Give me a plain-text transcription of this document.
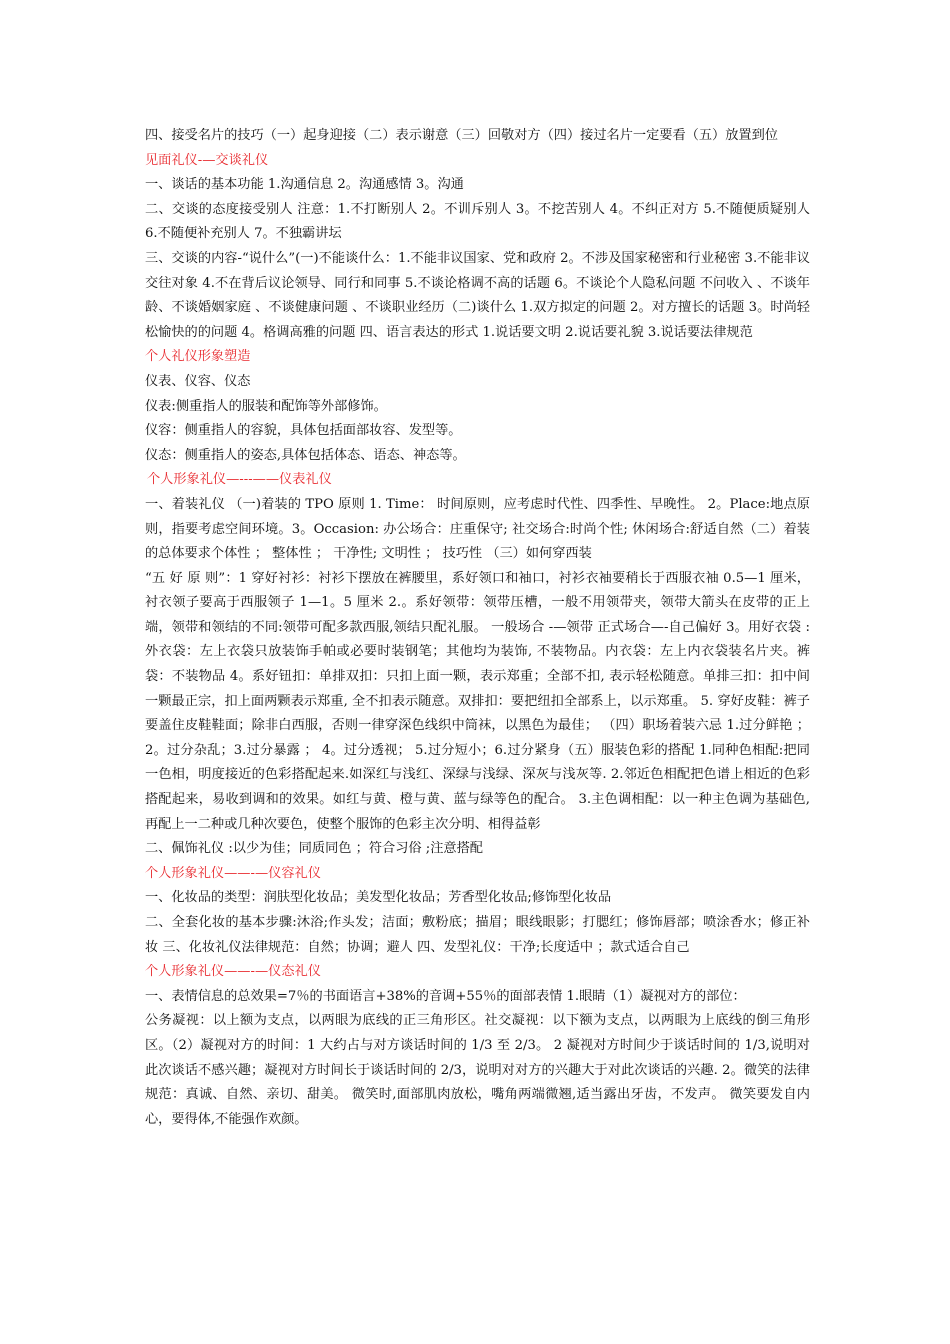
四、接受名片的技巧（一）起身迎接（二）表示谢意（三）回敬对方（四）接过名片一定要看（五）放置到位

见面礼仪-—交谈礼仪

一、谈话的基本功能 1.沟通信息 2。沟通感情 3。沟通

二、交谈的态度接受别人 注意：1.不打断别人 2。不训斥别人 3。不挖苦别人 4。不纠正对方 5.不随便质疑别人 6.不随便补充别人 7。不独霸讲坛

三、交谈的内容-“说什么”(一)不能谈什么：1.不能非议国家、党和政府 2。不涉及国家秘密和行业秘密 3.不能非议交往对象 4.不在背后议论领导、同行和同事 5.不谈论格调不高的话题 6。不谈论个人隐私问题 不问收入 、不谈年龄、不谈婚姻家庭 、不谈健康问题 、不谈职业经历（二)谈什么 1.双方拟定的问题 2。对方擅长的话题 3。时尚轻松愉快的的问题 4。格调高雅的问题 四、语言表达的形式 1.说话要文明 2.说话要礼貌 3.说话要法律规范

个人礼仪形象塑造

仪表、仪容、仪态

仪表:侧重指人的服装和配饰等外部修饰。

仪容：侧重指人的容貌，具体包括面部妆容、发型等。

仪态：侧重指人的姿态,具体包括体态、语态、神态等。

个人形象礼仪—---——仪表礼仪

一、着装礼仪 （一)着装的 TPO 原则 1. Time： 时间原则，应考虑时代性、四季性、早晚性。 2。Place:地点原则，指要考虑空间环境。3。Occasion: 办公场合：庄重保守; 社交场合:时尚个性; 休闲场合:舒适自然（二）着装的总体要求个体性 ； 整体性 ； 干净性; 文明性 ； 技巧性 （三）如何穿西装

“五 好 原 则”：1 穿好衬衫：衬衫下摆放在裤腰里，系好领口和袖口，衬衫衣袖要稍长于西服衣袖 0.5—1 厘米，衬衣领子要高于西服领子 1—1。5 厘米 2.。系好领带：领带压槽，一般不用领带夹，领带大箭头在皮带的正上端，领带和领结的不同:领带可配多款西服,领结只配礼服。 一般场合 -—领带 正式场合—-自己偏好 3。用好衣袋 :外衣袋：左上衣袋只放装饰手帕或必要时装钢笔；其他均为装饰, 不装物品。内衣袋：左上内衣袋装名片夹。裤袋：不装物品 4。系好钮扣：单排双扣：只扣上面一颗，表示郑重；全部不扣, 表示轻松随意。单排三扣：扣中间一颗最正宗，扣上面两颗表示郑重, 全不扣表示随意。双排扣：要把纽扣全部系上，以示郑重。 5. 穿好皮鞋：裤子要盖住皮鞋鞋面；除非白西服，否则一律穿深色线织中筒袜，以黑色为最佳； （四）职场着装六忌 1.过分鲜艳 ；2。过分杂乱；3.过分暴露 ； 4。过分透视； 5.过分短小；6.过分紧身（五）服装色彩的搭配 1.同种色相配:把同一色相，明度接近的色彩搭配起来.如深红与浅红、深绿与浅绿、深灰与浅灰等. 2.邻近色相配把色谱上相近的色彩搭配起来，易收到调和的效果。如红与黄、橙与黄、蓝与绿等色的配合。 3.主色调相配：以一种主色调为基础色,再配上一二种或几种次要色，使整个服饰的色彩主次分明、相得益彰

二、佩饰礼仪 :以少为佳；同质同色 ；符合习俗 ;注意搭配

个人形象礼仪——-—仪容礼仪

一、化妆品的类型：润肤型化妆品；美发型化妆品；芳香型化妆品;修饰型化妆品

二、全套化妆的基本步骤:沐浴;作头发；洁面；敷粉底；描眉；眼线眼影；打腮红；修饰唇部；喷涂香水；修正补妆 三、化妆礼仪法律规范：自然；协调；避人 四、发型礼仪：干净;长度适中 ；款式适合自己

个人形象礼仪——-—仪态礼仪

一、表情信息的总效果=7％的书面语言+38%的音调+55％的面部表情 1.眼睛（1）凝视对方的部位：

公务凝视：以上额为支点，以两眼为底线的正三角形区。社交凝视：以下额为支点，以两眼为上底线的倒三角形区。（2）凝视对方的时间：1 大约占与对方谈话时间的 1/3 至 2/3。 2 凝视对方时间少于谈话时间的 1/3,说明对此次谈话不感兴趣；凝视对方时间长于谈话时间的 2/3，说明对对方的兴趣大于对此次谈话的兴趣. 2。微笑的法律规范：真诚、自然、亲切、甜美。 微笑时,面部肌肉放松，嘴角两端微翘,适当露出牙齿，不发声。 微笑要发自内心，要得体,不能强作欢颜。
